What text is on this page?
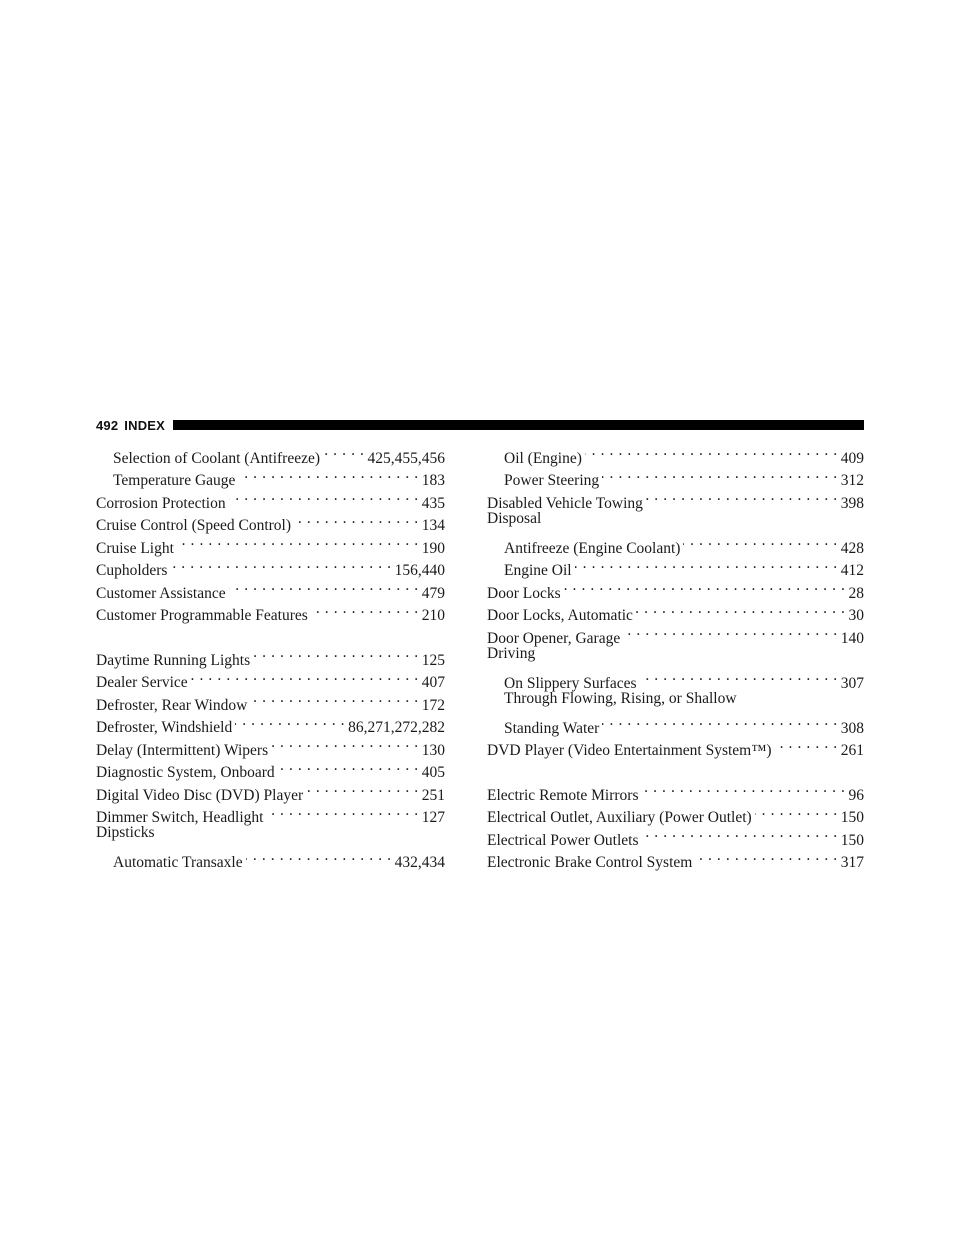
492 INDEX
Selection of Coolant (Antifreeze) . . .	425,455,456
Temperature Gauge . . .	183
Corrosion Protection . . .	435
Cruise Control (Speed Control) . . .	134
Cruise Light . . .	190
Cupholders . . .	156,440
Customer Assistance . . .	479
Customer Programmable Features . . .	210
Daytime Running Lights . . .	125
Dealer Service . . .	407
Defroster, Rear Window . . .	172
Defroster, Windshield . . .	86,271,272,282
Delay (Intermittent) Wipers . . .	130
Diagnostic System, Onboard . . .	405
Digital Video Disc (DVD) Player . . .	251
Dimmer Switch, Headlight . . .	127
Dipsticks
Automatic Transaxle . . .	432,434
Oil (Engine) . . .	409
Power Steering . . .	312
Disabled Vehicle Towing . . .	398
Disposal
Antifreeze (Engine Coolant) . . .	428
Engine Oil . . .	412
Door Locks . . .	28
Door Locks, Automatic . . .	30
Door Opener, Garage . . .	140
Driving
On Slippery Surfaces . . .	307
Through Flowing, Rising, or Shallow
Standing Water . . .	308
DVD Player (Video Entertainment System™) . . .	261
Electric Remote Mirrors . . .	96
Electrical Outlet, Auxiliary (Power Outlet) . . .	150
Electrical Power Outlets . . .	150
Electronic Brake Control System . . .	317
